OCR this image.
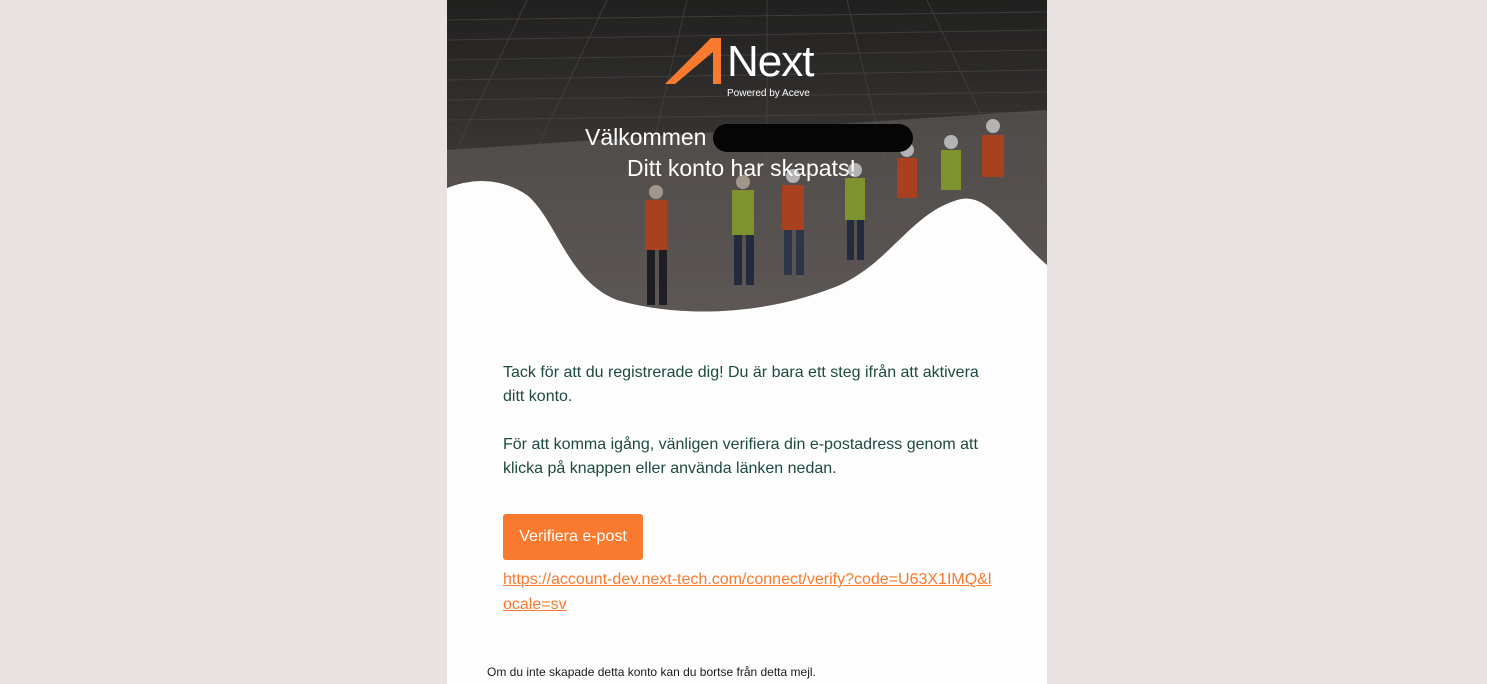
Next
Powered by Aceve
Välkommen
Ditt konto har skapats!

Tack för att du registrerade dig! Du är bara ett steg ifrån att aktivera ditt konto.

För att komma igång, vänligen verifiera din e-postadress genom att klicka på knappen eller använda länken nedan.

Verifiera e-post
https://account-dev.next-tech.com/connect/verify?code=U63X1IMQ&locale=sv
Om du inte skapade detta konto kan du bortse från detta mejl.
